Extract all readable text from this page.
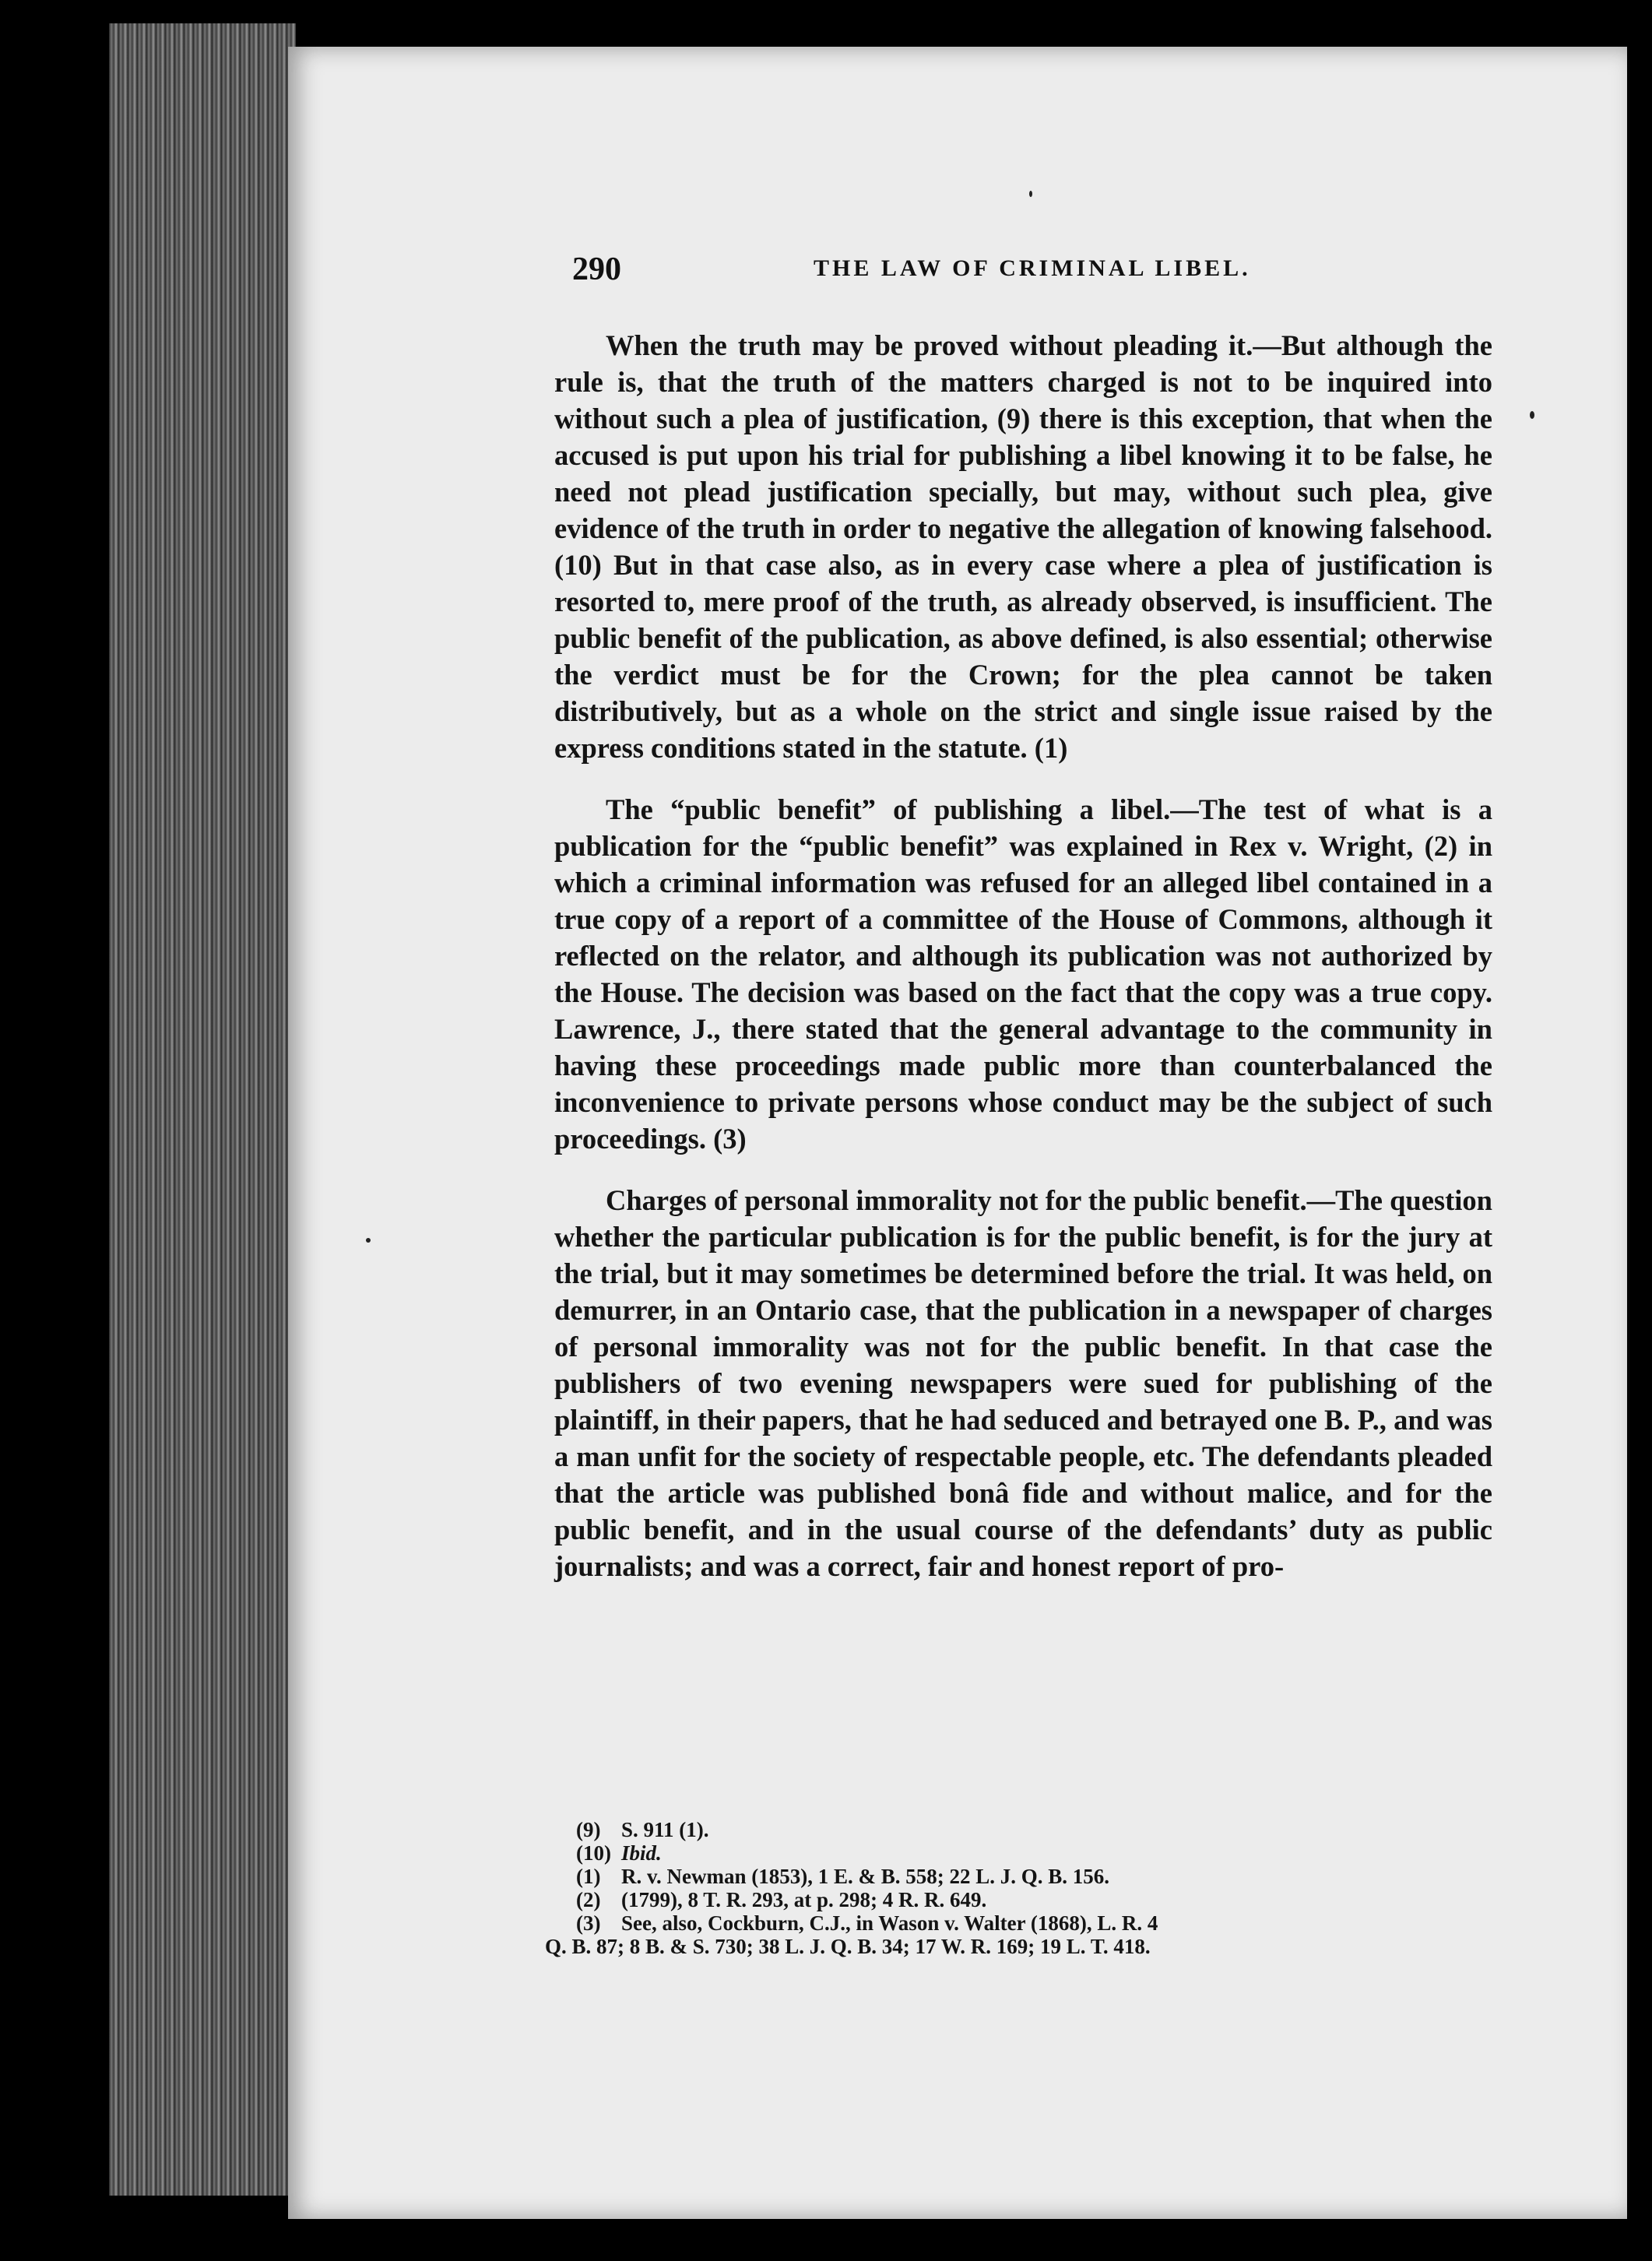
290	THE LAW OF CRIMINAL LIBEL.

When the truth may be proved without pleading it.—But although the rule is, that the truth of the matters charged is not to be inquired into without such a plea of justification, (9) there is this exception, that when the accused is put upon his trial for publishing a libel knowing it to be false, he need not plead justification specially, but may, without such plea, give evidence of the truth in order to negative the allegation of knowing falsehood. (10) But in that case also, as in every case where a plea of justification is resorted to, mere proof of the truth, as already observed, is insufficient. The public benefit of the publication, as above defined, is also essential; otherwise the verdict must be for the Crown; for the plea cannot be taken distributively, but as a whole on the strict and single issue raised by the express conditions stated in the statute. (1)

The “public benefit” of publishing a libel.—The test of what is a publication for the “public benefit” was explained in Rex v. Wright, (2) in which a criminal information was refused for an alleged libel contained in a true copy of a report of a committee of the House of Commons, although it reflected on the relator, and although its publication was not authorized by the House. The decision was based on the fact that the copy was a true copy. Lawrence, J., there stated that the general advantage to the community in having these proceedings made public more than counterbalanced the inconvenience to private persons whose conduct may be the subject of such proceedings. (3)

Charges of personal immorality not for the public benefit.—The question whether the particular publication is for the public benefit, is for the jury at the trial, but it may sometimes be determined before the trial. It was held, on demurrer, in an Ontario case, that the publication in a newspaper of charges of personal immorality was not for the public benefit. In that case the publishers of two evening newspapers were sued for publishing of the plaintiff, in their papers, that he had seduced and betrayed one B. P., and was a man unfit for the society of respectable people, etc. The defendants pleaded that the article was published bonâ fide and without malice, and for the public benefit, and in the usual course of the defendants’ duty as public journalists; and was a correct, fair and honest report of pro-

(9) S. 911 (1).

(10) Ibid.

(1) R. v. Newman (1853), 1 E. & B. 558; 22 L. J. Q. B. 156.

(2) (1799), 8 T. R. 293, at p. 298; 4 R. R. 649.

(3) See, also, Cockburn, C.J., in Wason v. Walter (1868), L. R. 4

Q. B. 87; 8 B. & S. 730; 38 L. J. Q. B. 34; 17 W. R. 169; 19 L. T. 418.
